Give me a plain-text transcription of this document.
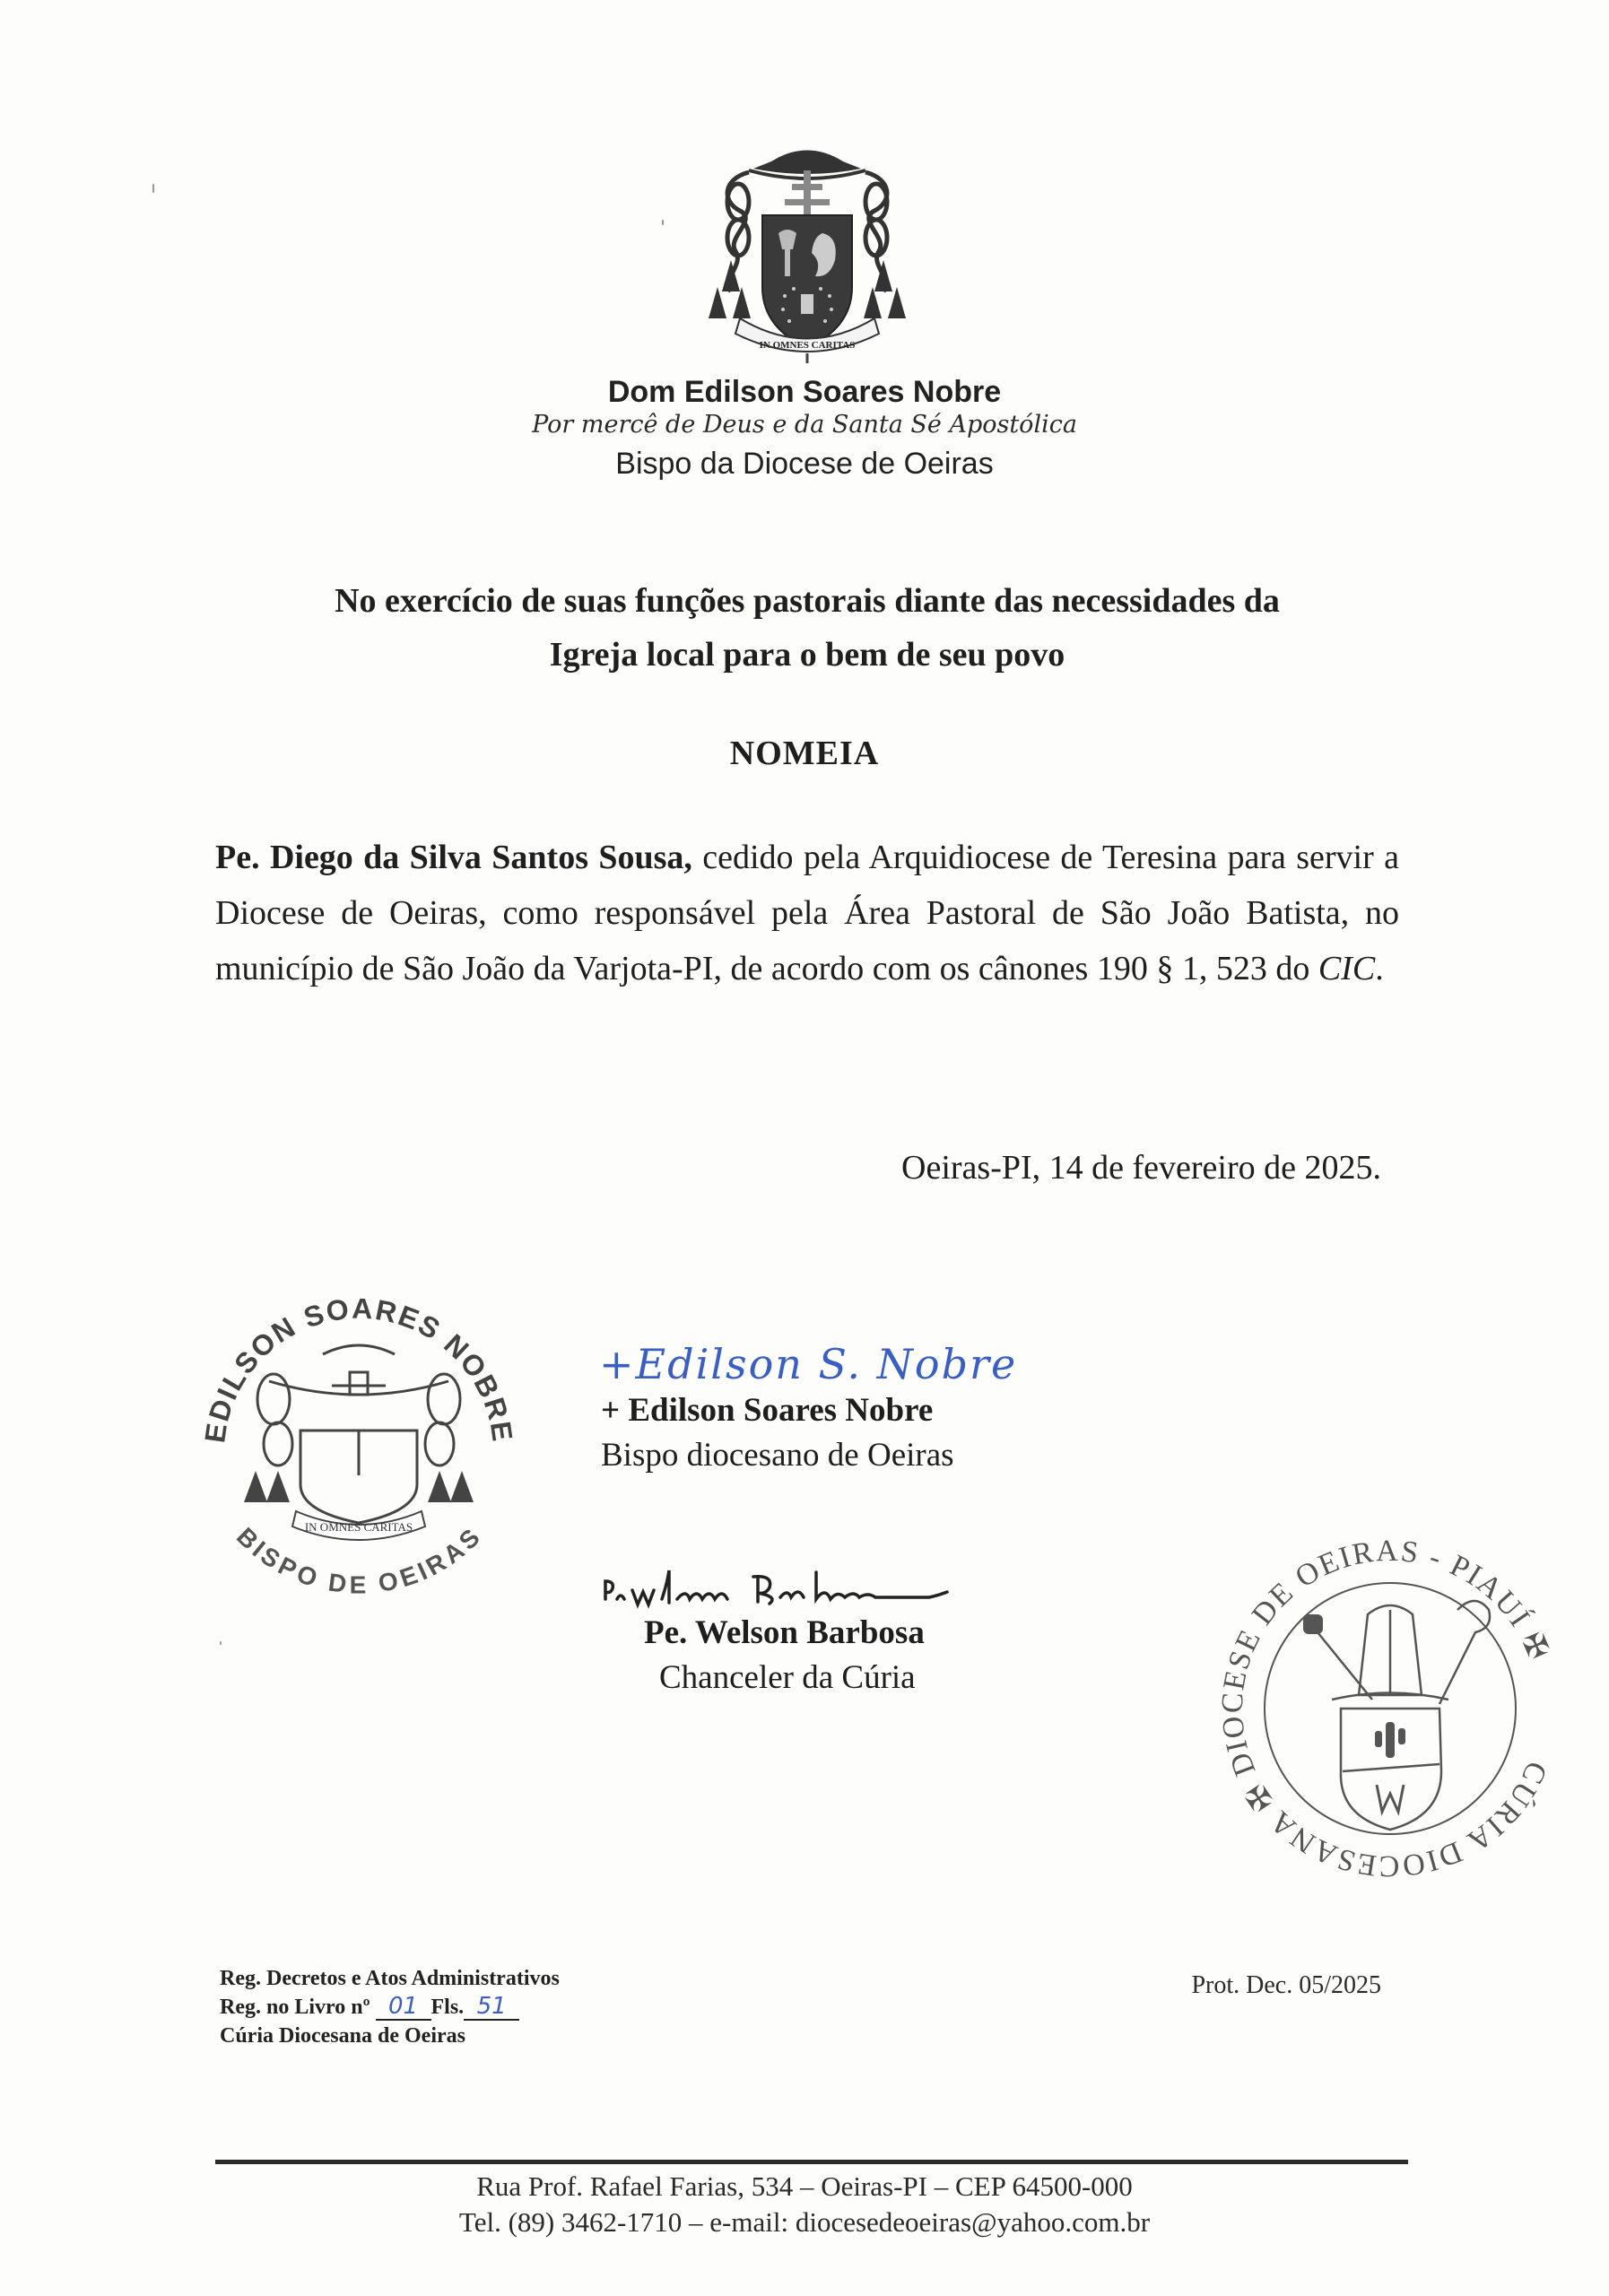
IN OMNES CARITAS
Dom Edilson Soares Nobre
Por mercê de Deus e da Santa Sé Apostólica
Bispo da Diocese de Oeiras
No exercício de suas funções pastorais diante das necessidades da
Igreja local para o bem de seu povo
NOMEIA
Pe. Diego da Silva Santos Sousa, cedido pela Arquidiocese de Teresina para servir a Diocese de Oeiras, como responsável pela Área Pastoral de São João Batista, no município de São João da Varjota-PI, de acordo com os cânones 190 § 1, 523 do CIC.
Oeiras-PI, 14 de fevereiro de 2025.
IN OMNES CARITAS
EDILSON SOARES NOBRE
BISPO DE OEIRAS
+Edilson S. Nobre
+ Edilson Soares Nobre
Bispo diocesano de Oeiras
Pe. Welson Barbosa
Chanceler da Cúria
CÚRIA DIOCESANA ✠ DIOCESE DE OEIRAS - PIAUÍ ✠
Reg. Decretos e Atos Administrativos
Reg. no Livro nº 01 Fls. 51
Cúria Diocesana de Oeiras
Prot. Dec. 05/2025
Rua Prof. Rafael Farias, 534 – Oeiras-PI – CEP 64500-000
Tel. (89) 3462-1710 – e-mail: diocesedeoeiras@yahoo.com.br
